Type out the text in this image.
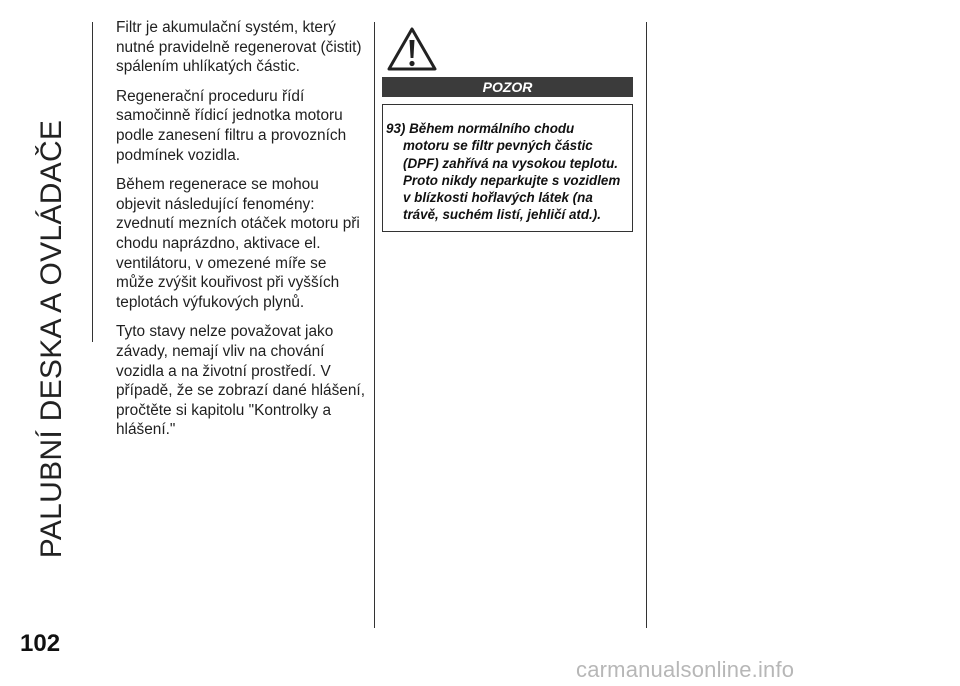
PALUBNÍ DESKA A OVLÁDAČE

Filtr je akumulační systém, který nutné pravidelně regenerovat (čistit) spálením uhlíkatých částic.

Regenerační proceduru řídí samočinně řídicí jednotka motoru podle zanesení filtru a provozních podmínek vozidla.

Během regenerace se mohou objevit následující fenomény: zvednutí mezních otáček motoru při chodu naprázdno, aktivace el. ventilátoru, v omezené míře se může zvýšit kouřivost při vyšších teplotách výfukových plynů.

Tyto stavy nelze považovat jako závady, nemají vliv na chování vozidla a na životní prostředí. V případě, že se zobrazí dané hlášení, pročtěte si kapitolu "Kontrolky a hlášení."

POZOR
93) Během normálního chodu
motoru se filtr pevných částic
(DPF) zahřívá na vysokou teplotu.
Proto nikdy neparkujte s vozidlem
v blízkosti hořlavých látek (na
trávě, suchém listí, jehličí atd.).
102
carmanualsonline.info
